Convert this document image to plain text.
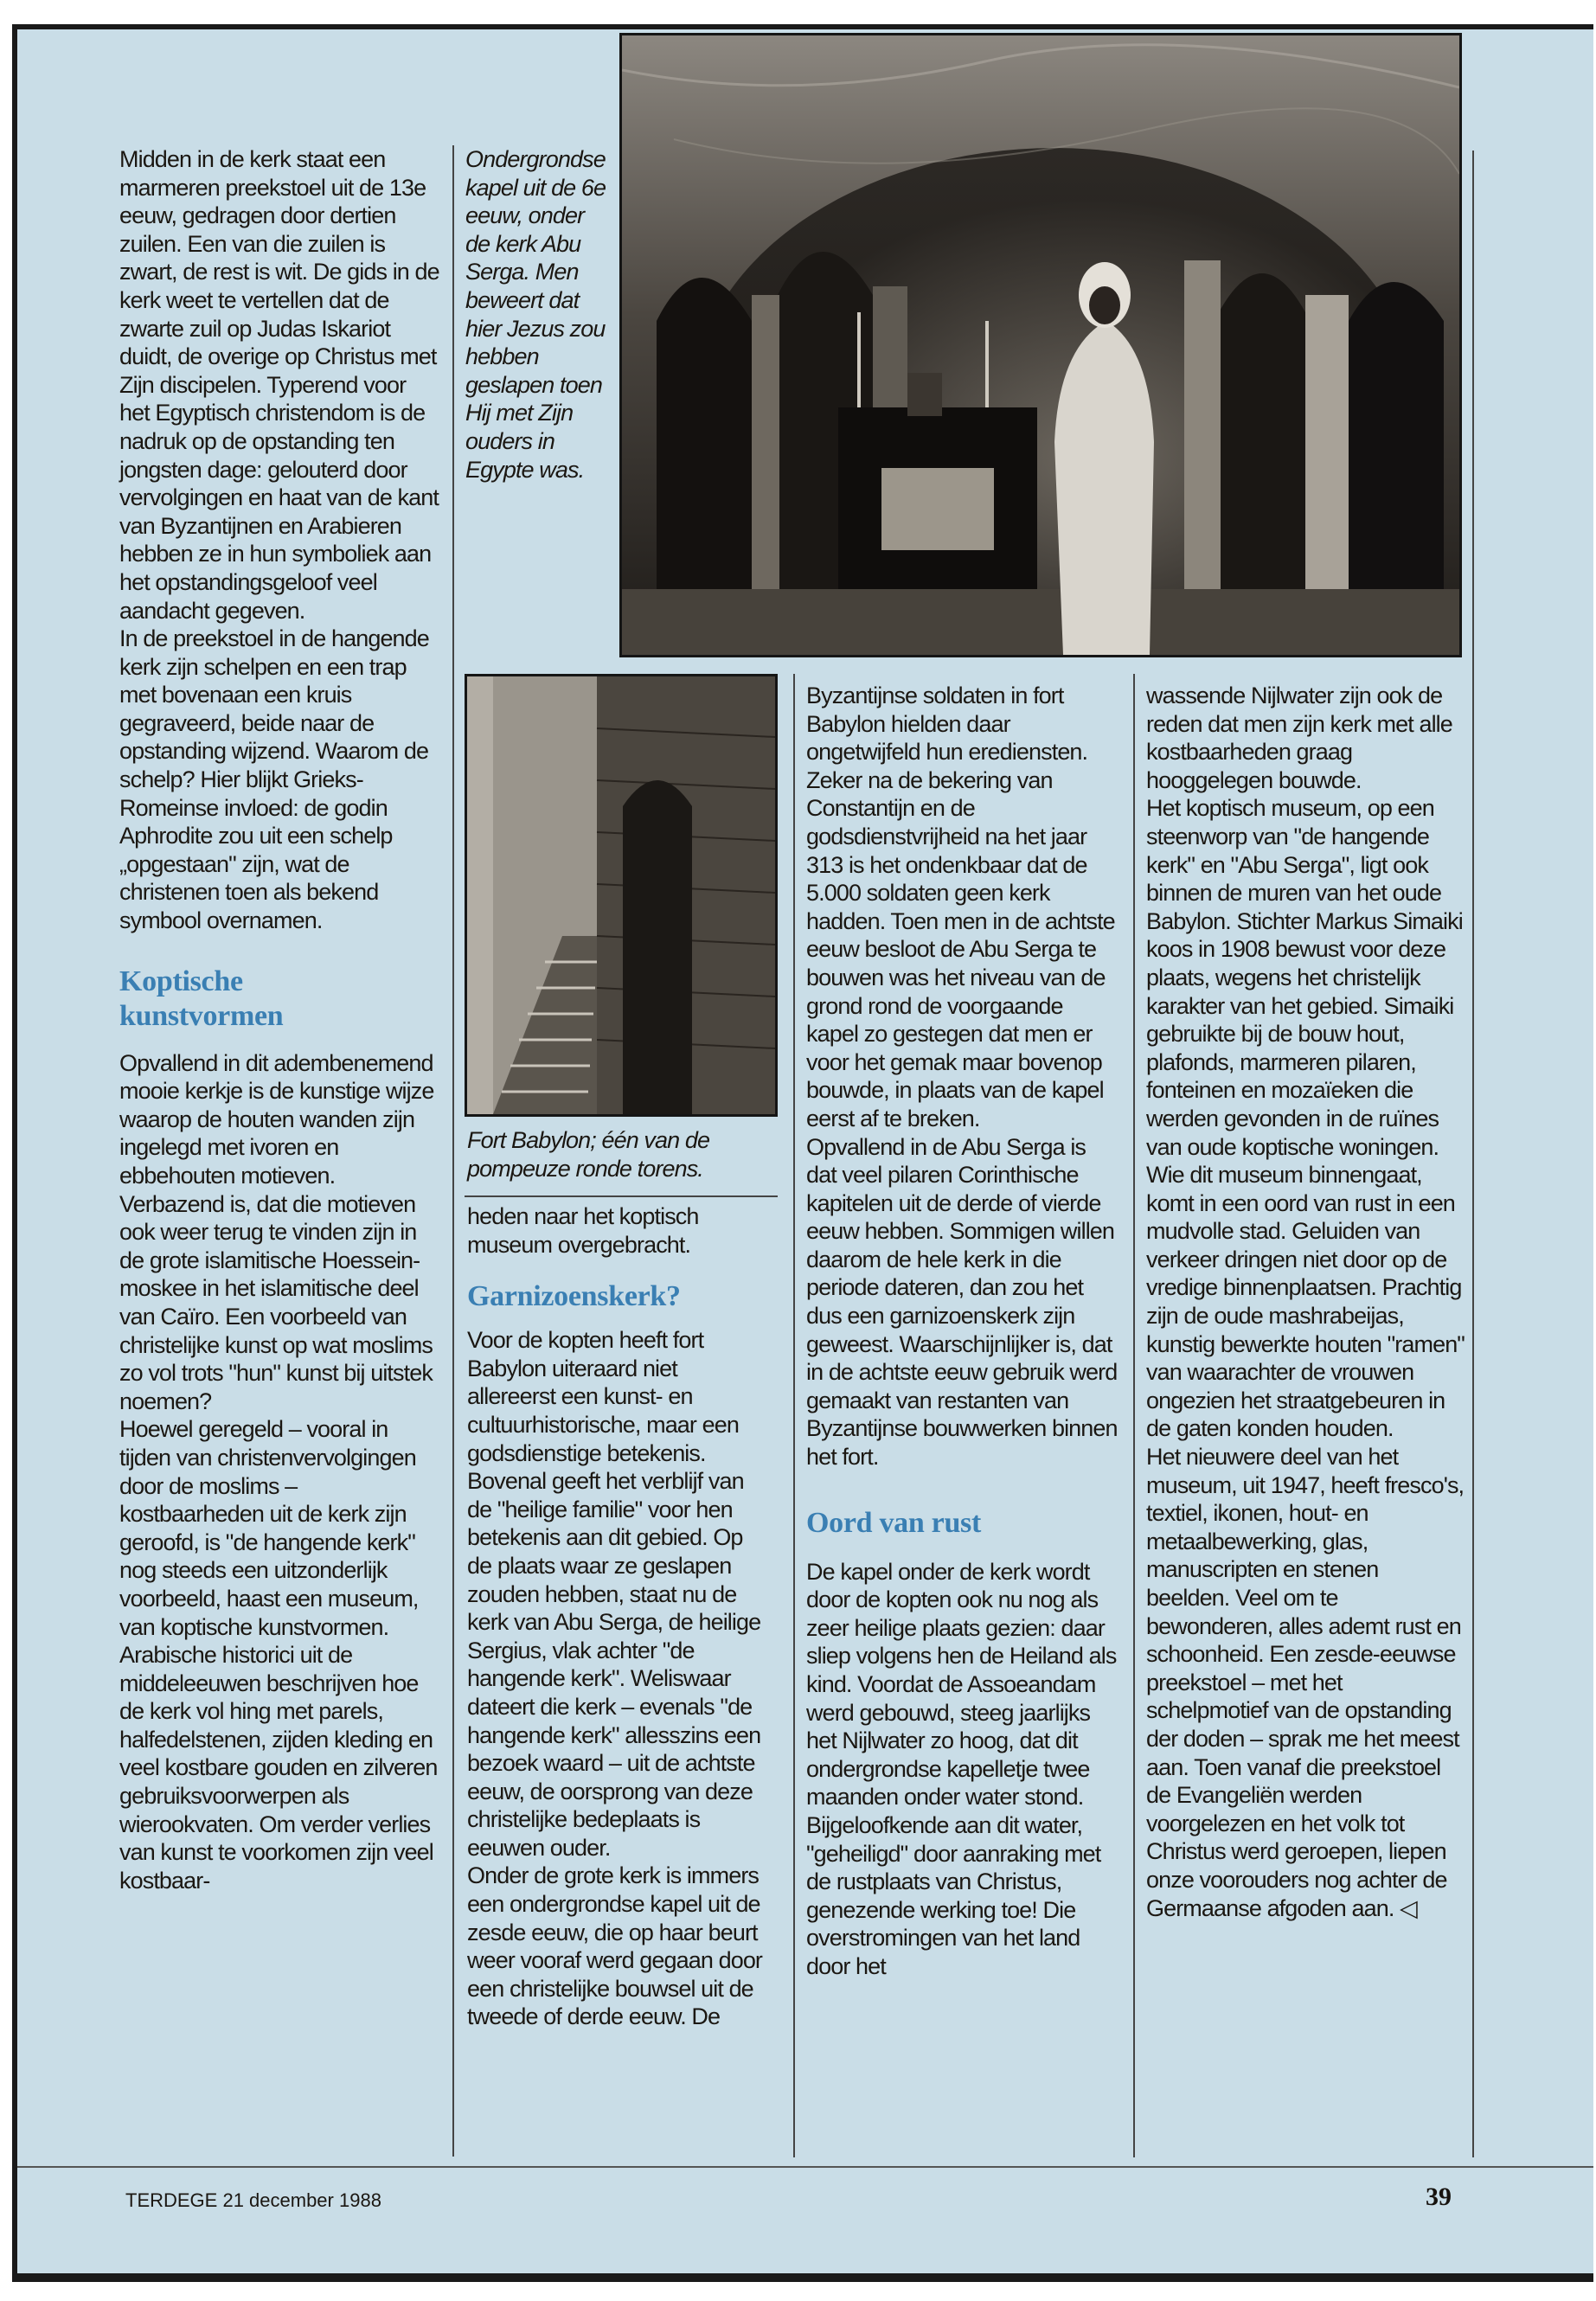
Midden in de kerk staat een marmeren preekstoel uit de 13e eeuw, gedragen door dertien zuilen. Een van die zuilen is zwart, de rest is wit. De gids in de kerk weet te vertellen dat de zwarte zuil op Judas Iskariot duidt, de overige op Christus met Zijn discipelen. Typerend voor het Egyptisch christendom is de nadruk op de opstanding ten jongsten dage: gelouterd door vervolgingen en haat van de kant van Byzantijnen en Arabieren hebben ze in hun symboliek aan het opstandingsgeloof veel aandacht gegeven.

In de preekstoel in de hangende kerk zijn schelpen en een trap met bovenaan een kruis gegraveerd, beide naar de opstanding wijzend. Waarom de schelp? Hier blijkt Grieks-Romeinse invloed: de godin Aphrodite zou uit een schelp „opgestaan" zijn, wat de christenen toen als bekend symbool overnamen.

Koptische kunstvormen

Opvallend in dit adembenemend mooie kerkje is de kunstige wijze waarop de houten wanden zijn ingelegd met ivoren en ebbehouten motieven. Verbazend is, dat die motieven ook weer terug te vinden zijn in de grote islamitische Hoessein-moskee in het islamitische deel van Caïro. Een voorbeeld van christelijke kunst op wat moslims zo vol trots "hun" kunst bij uitstek noemen?

Hoewel geregeld – vooral in tijden van christenvervolgingen door de moslims – kostbaarheden uit de kerk zijn geroofd, is "de hangende kerk" nog steeds een uitzonderlijk voorbeeld, haast een museum, van koptische kunstvormen. Arabische historici uit de middeleeuwen beschrijven hoe de kerk vol hing met parels, halfedelstenen, zijden kleding en veel kostbare gouden en zilveren gebruiksvoorwerpen als wierookvaten. Om verder verlies van kunst te voorkomen zijn veel kostbaar-

Ondergrondse kapel uit de 6e eeuw, onder de kerk Abu Serga. Men beweert dat hier Jezus zou hebben geslapen toen Hij met Zijn ouders in Egypte was.
Fort Babylon; één van de pompeuze ronde torens.

heden naar het koptisch museum overgebracht.

Garnizoenskerk?

Voor de kopten heeft fort Babylon uiteraard niet allereerst een kunst- en cultuurhistorische, maar een godsdienstige betekenis. Bovenal geeft het verblijf van de "heilige familie" voor hen betekenis aan dit gebied. Op de plaats waar ze geslapen zouden hebben, staat nu de kerk van Abu Serga, de heilige Sergius, vlak achter "de hangende kerk". Weliswaar dateert die kerk – evenals "de hangende kerk" allesszins een bezoek waard – uit de achtste eeuw, de oorsprong van deze christelijke bedeplaats is eeuwen ouder.

Onder de grote kerk is immers een ondergrondse kapel uit de zesde eeuw, die op haar beurt weer vooraf werd gegaan door een christelijke bouwsel uit de tweede of derde eeuw. De

Byzantijnse soldaten in fort Babylon hielden daar ongetwijfeld hun erediensten. Zeker na de bekering van Constantijn en de godsdienstvrijheid na het jaar 313 is het ondenkbaar dat de 5.000 soldaten geen kerk hadden. Toen men in de achtste eeuw besloot de Abu Serga te bouwen was het niveau van de grond rond de voorgaande kapel zo gestegen dat men er voor het gemak maar bovenop bouwde, in plaats van de kapel eerst af te breken.

Opvallend in de Abu Serga is dat veel pilaren Corinthische kapitelen uit de derde of vierde eeuw hebben. Sommigen willen daarom de hele kerk in die periode dateren, dan zou het dus een garnizoenskerk zijn geweest. Waarschijnlijker is, dat in de achtste eeuw gebruik werd gemaakt van restanten van Byzantijnse bouwwerken binnen het fort.

Oord van rust

De kapel onder de kerk wordt door de kopten ook nu nog als zeer heilige plaats gezien: daar sliep volgens hen de Heiland als kind. Voordat de Assoeandam werd gebouwd, steeg jaarlijks het Nijlwater zo hoog, dat dit ondergrondse kapelletje twee maanden onder water stond. Bijgeloofkende aan dit water, "geheiligd" door aanraking met de rustplaats van Christus, genezende werking toe! Die overstromingen van het land door het

wassende Nijlwater zijn ook de reden dat men zijn kerk met alle kostbaarheden graag hooggelegen bouwde.

Het koptisch museum, op een steenworp van "de hangende kerk" en "Abu Serga", ligt ook binnen de muren van het oude Babylon. Stichter Markus Simaiki koos in 1908 bewust voor deze plaats, wegens het christelijk karakter van het gebied. Simaiki gebruikte bij de bouw hout, plafonds, marmeren pilaren, fonteinen en mozaïeken die werden gevonden in de ruïnes van oude koptische woningen.

Wie dit museum binnengaat, komt in een oord van rust in een mudvolle stad. Geluiden van verkeer dringen niet door op de vredige binnenplaatsen. Prachtig zijn de oude mashrabeijas, kunstig bewerkte houten "ramen" van waarachter de vrouwen ongezien het straatgebeuren in de gaten konden houden.

Het nieuwere deel van het museum, uit 1947, heeft fresco's, textiel, ikonen, hout- en metaalbewerking, glas, manuscripten en stenen beelden. Veel om te bewonderen, alles ademt rust en schoonheid. Een zesde-eeuwse preekstoel – met het schelpmotief van de opstanding der doden – sprak me het meest aan. Toen vanaf die preekstoel de Evangeliën werden voorgelezen en het volk tot Christus werd geroepen, liepen onze voorouders nog achter de Germaanse afgoden aan. ◁

TERDEGE 21 december 1988	39
